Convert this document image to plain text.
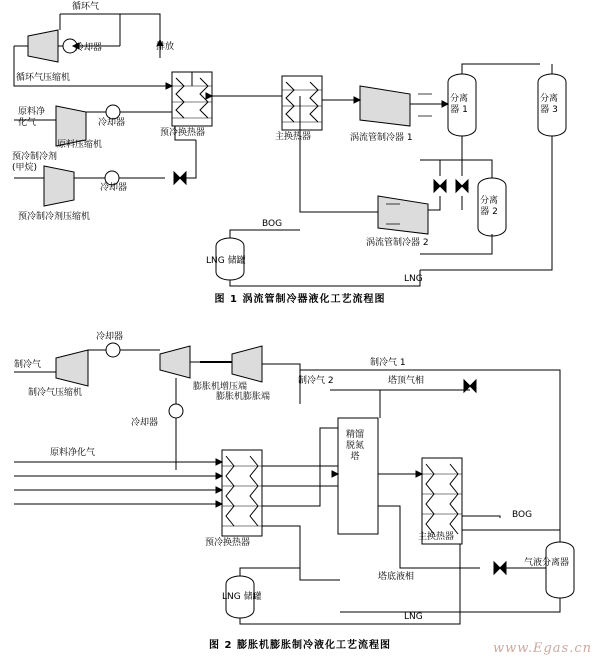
循环气
冷却器
循环气压缩机
原料净
化气	冷却器
原料压缩机
预冷制冷剂
(甲烷)
冷却器
预冷制冷剂压缩机
排放
预冷换热器	主换热器	涡流管制冷器 1
分离
器 1
分离
器 3
分离
器 2
BOG
涡流管制冷器 2
LNG 储罐
LNG
图 1 涡流管制冷器液化工艺流程图
冷却器
膨胀机增压端
制冷气
制冷气压缩机	膨胀机膨胀端
冷却器
制冷气 1
制冷气 2	塔顶气相
原料净化气
精馏
脱氮
塔
预冷换热器
主换热器
BOG
塔底液相
气液分离器
LNG 储罐
LNG
图 2 膨胀机膨胀制冷液化工艺流程图	www.Egas.cn
